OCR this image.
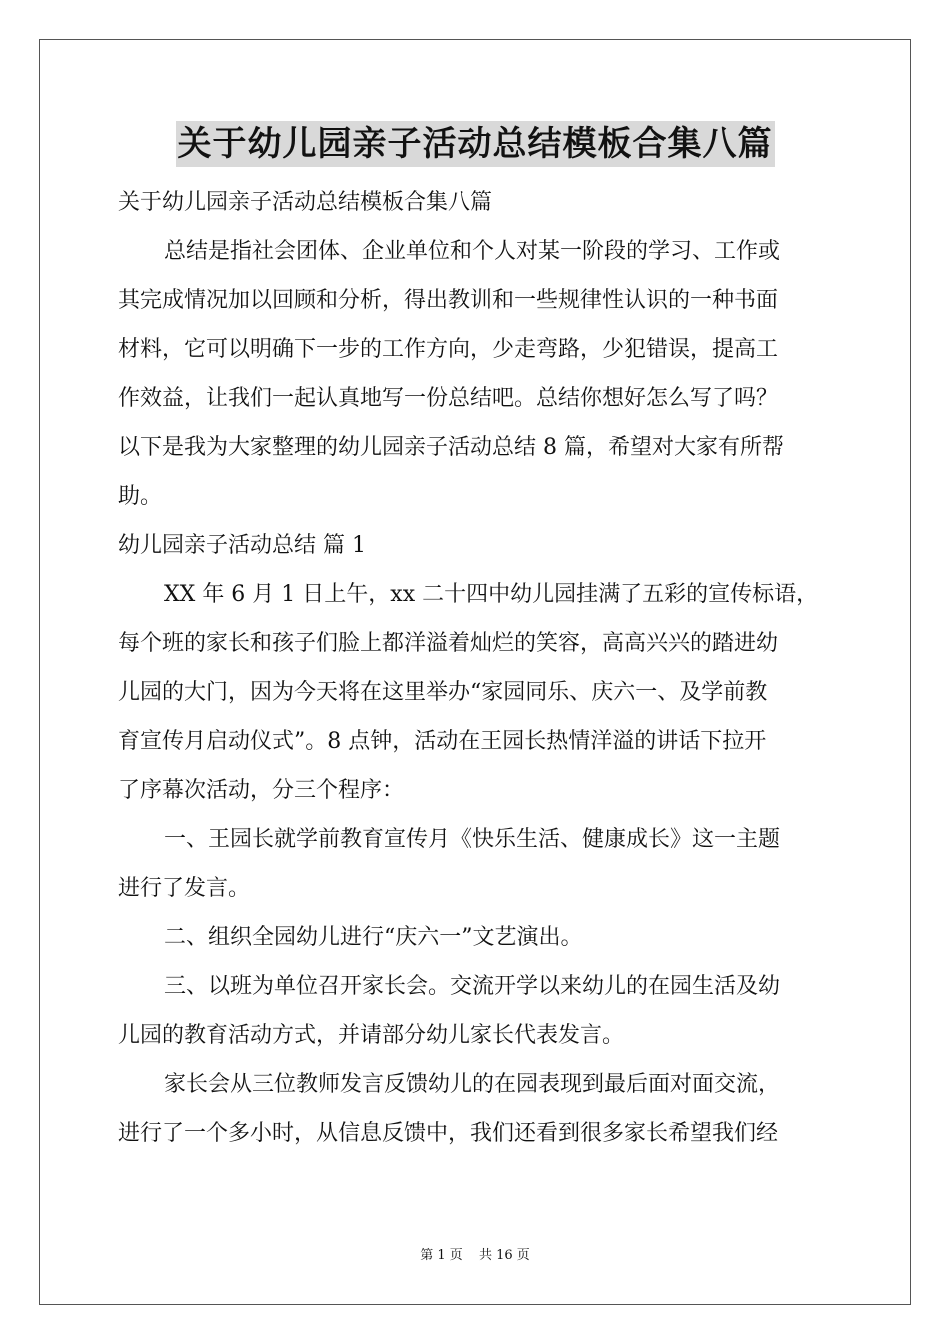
关于幼儿园亲子活动总结模板合集八篇

关于幼儿园亲子活动总结模板合集八篇

总结是指社会团体、企业单位和个人对某一阶段的学习、工作或

其完成情况加以回顾和分析，得出教训和一些规律性认识的一种书面

材料，它可以明确下一步的工作方向，少走弯路，少犯错误，提高工

作效益，让我们一起认真地写一份总结吧。总结你想好怎么写了吗？

以下是我为大家整理的幼儿园亲子活动总结 8 篇，希望对大家有所帮

助。

幼儿园亲子活动总结 篇 1

XX 年 6 月 1 日上午，xx 二十四中幼儿园挂满了五彩的宣传标语，

每个班的家长和孩子们脸上都洋溢着灿烂的笑容，高高兴兴的踏进幼

儿园的大门，因为今天将在这里举办“家园同乐、庆六一、及学前教

育宣传月启动仪式”。8 点钟，活动在王园长热情洋溢的讲话下拉开

了序幕次活动，分三个程序：

一、王园长就学前教育宣传月《快乐生活、健康成长》这一主题

进行了发言。

二、组织全园幼儿进行“庆六一”文艺演出。

三、以班为单位召开家长会。交流开学以来幼儿的在园生活及幼

儿园的教育活动方式，并请部分幼儿家长代表发言。

家长会从三位教师发言反馈幼儿的在园表现到最后面对面交流，

进行了一个多小时，从信息反馈中，我们还看到很多家长希望我们经

第 1 页 共 16 页
